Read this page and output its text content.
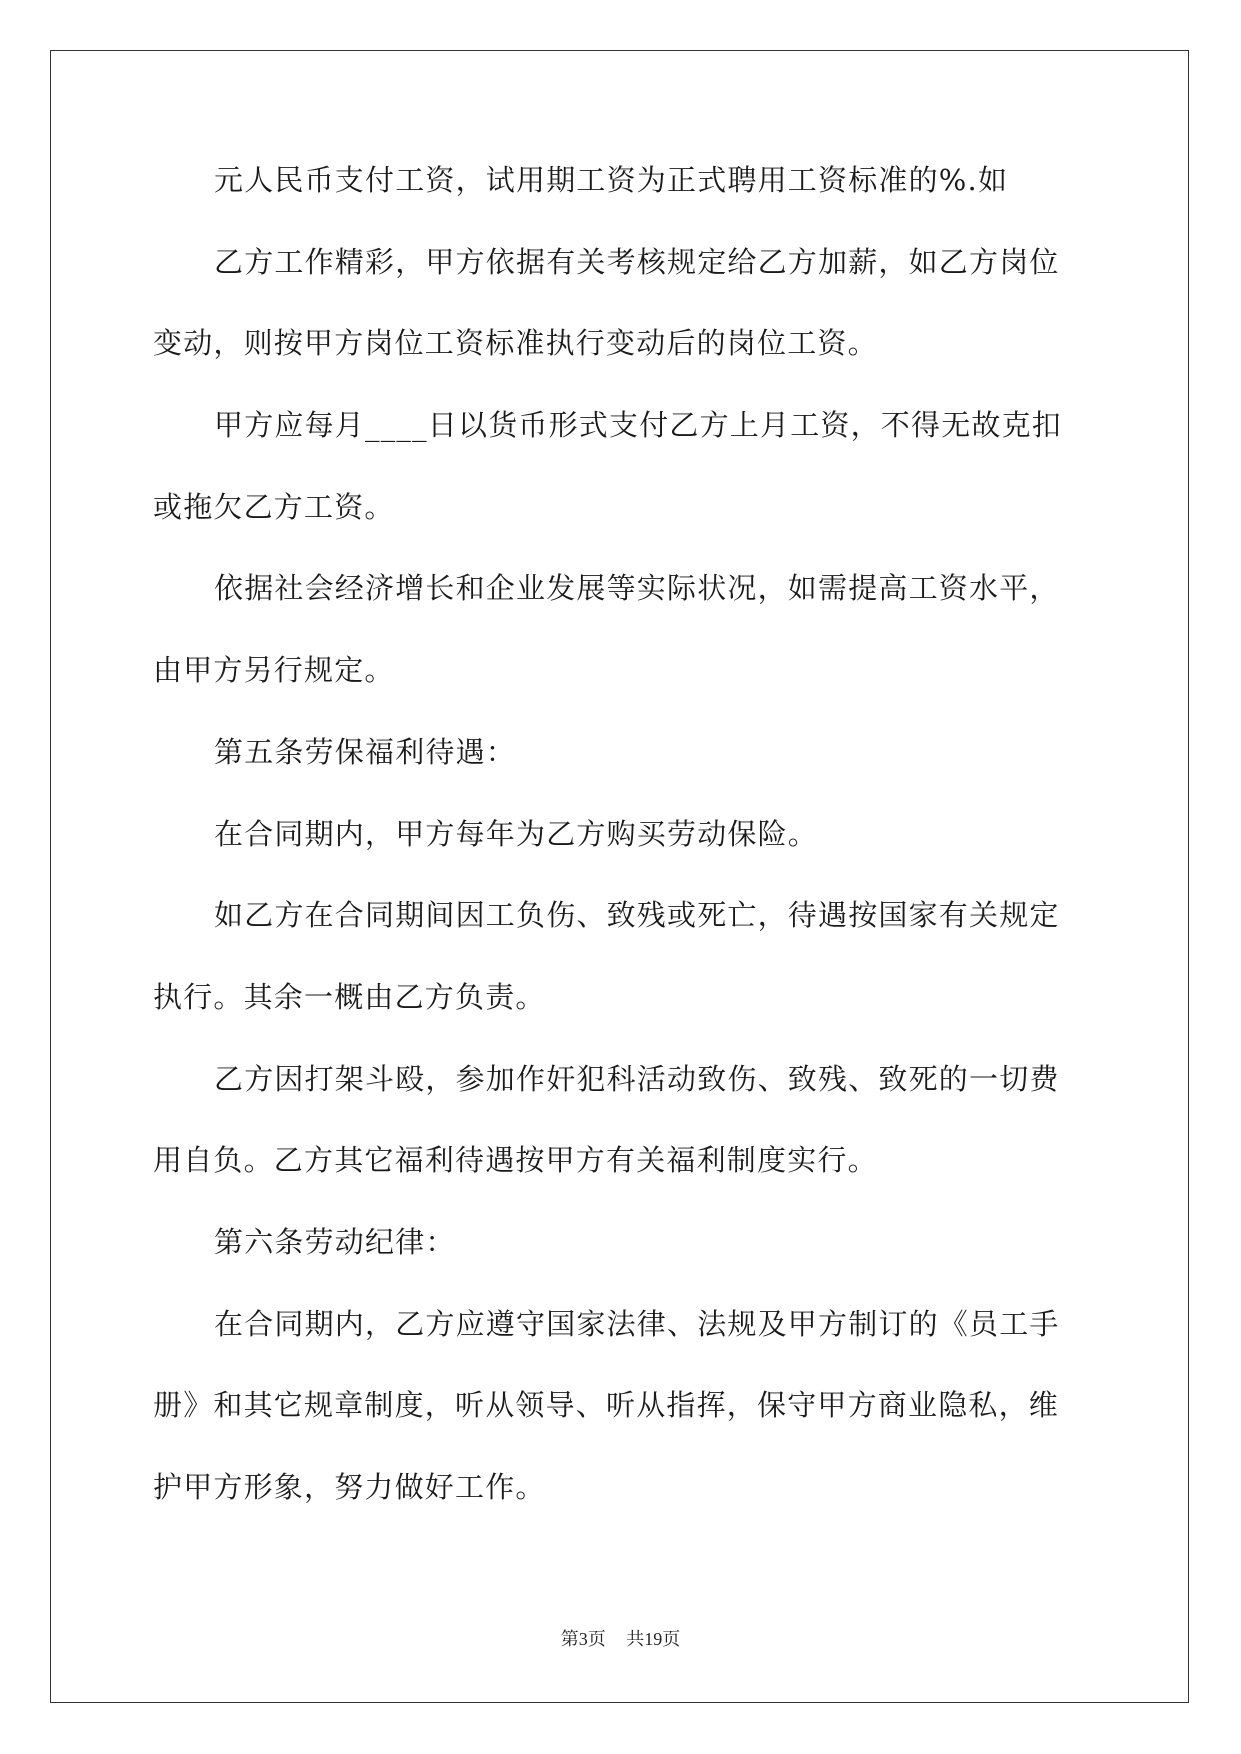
元人民币支付工资，试用期工资为正式聘用工资标准的%.如
乙方工作精彩，甲方依据有关考核规定给乙方加薪，如乙方岗位
变动，则按甲方岗位工资标准执行变动后的岗位工资。
甲方应每月____日以货币形式支付乙方上月工资，不得无故克扣
或拖欠乙方工资。
依据社会经济增长和企业发展等实际状况，如需提高工资水平，
由甲方另行规定。
第五条劳保福利待遇：
在合同期内，甲方每年为乙方购买劳动保险。
如乙方在合同期间因工负伤、致残或死亡，待遇按国家有关规定
执行。其余一概由乙方负责。
乙方因打架斗殴，参加作奸犯科活动致伤、致残、致死的一切费
用自负。乙方其它福利待遇按甲方有关福利制度实行。
第六条劳动纪律：
在合同期内，乙方应遵守国家法律、法规及甲方制订的《员工手
册》和其它规章制度，听从领导、听从指挥，保守甲方商业隐私，维
护甲方形象，努力做好工作。
第3页 共19页
